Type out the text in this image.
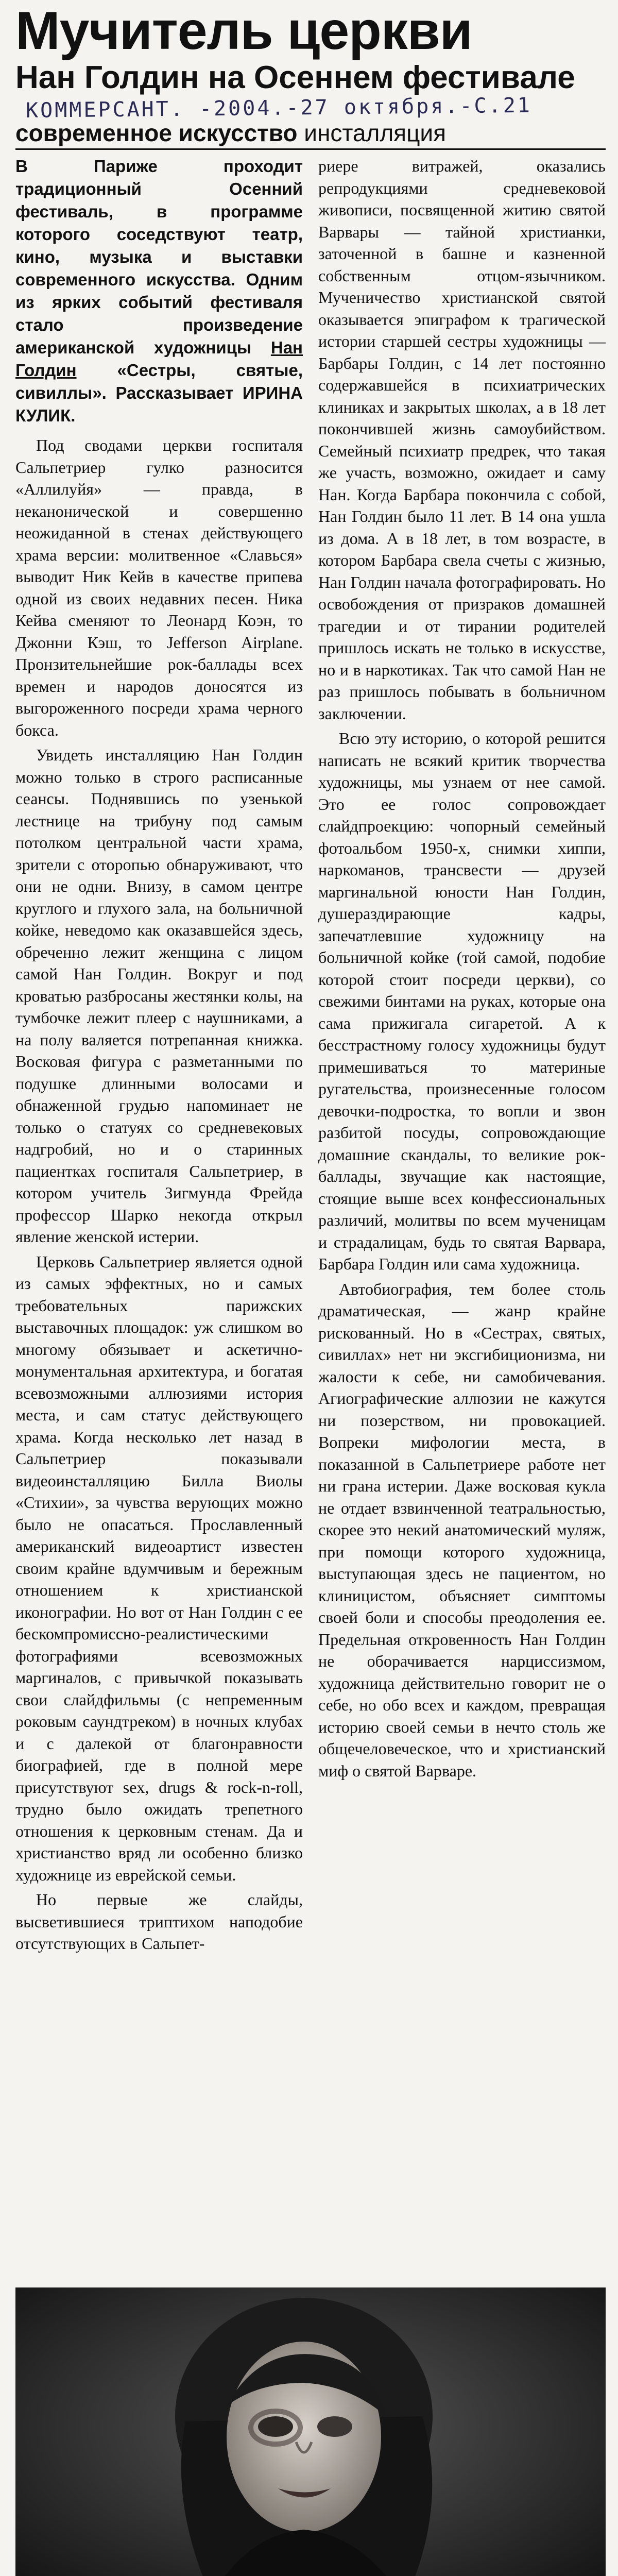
Мучитель церкви
Нан Голдин на Осеннем фестивале
КОММЕРСАНТ. -2004.-27 октября.-С.21
современное искусство инсталляция

В Париже проходит традиционный Осенний фестиваль, в программе которого соседствуют театр, кино, музыка и выставки современного искусства. Одним из ярких событий фестиваля стало произведение американской художницы Нан Голдин «Сестры, святые, сивиллы». Рассказывает ИРИНА КУЛИК.

Под сводами церкви госпиталя Сальпетриер гулко разносится «Аллилуйя» — правда, в неканонической и совершенно неожиданной в стенах действующего храма версии: молитвенное «Славься» выводит Ник Кейв в качестве припева одной из своих недавних песен. Ника Кейва сменяют то Леонард Коэн, то Джонни Кэш, то Jefferson Airplane. Пронзительнейшие рок-баллады всех времен и народов доносятся из выгороженного посреди храма черного бокса.

Увидеть инсталляцию Нан Голдин можно только в строго расписанные сеансы. Поднявшись по узенькой лестнице на трибуну под самым потолком центральной части храма, зрители с оторопью обнаруживают, что они не одни. Внизу, в самом центре круглого и глухого зала, на больничной койке, неведомо как оказавшейся здесь, обреченно лежит женщина с лицом самой Нан Голдин. Вокруг и под кроватью разбросаны жестянки колы, на тумбочке лежит плеер с наушниками, а на полу валяется потрепанная книжка. Восковая фигура с разметанными по подушке длинными волосами и обнаженной грудью напоминает не только о статуях со средневековых надгробий, но и о старинных пациентках госпиталя Сальпетриер, в котором учитель Зигмунда Фрейда профессор Шарко некогда открыл явление женской истерии.

Церковь Сальпетриер является одной из самых эффектных, но и самых требовательных парижских выставочных площадок: уж слишком во многому обязывает и аскетично-монументальная архитектура, и богатая всевозможными аллюзиями история места, и сам статус действующего храма. Когда несколько лет назад в Сальпетриер показывали видеоинсталляцию Билла Виолы «Стихии», за чувства верующих можно было не опасаться. Прославленный американский видеоартист известен своим крайне вдумчивым и бережным отношением к христианской иконографии. Но вот от Нан Голдин с ее бескомпромиссно-реалистическими фотографиями всевозможных маргиналов, с привычкой показывать свои слайдфильмы (с непременным роковым саундтреком) в ночных клубах и с далекой от благонравности биографией, где в полной мере присутствуют sex, drugs & rock-n-roll, трудно было ожидать трепетного отношения к церковным стенам. Да и христианство вряд ли особенно близко художнице из еврейской семьи.

Но первые же слайды, высветившиеся триптихом наподобие отсутствующих в Сальпет-

риере витражей, оказались репродукциями средневековой живописи, посвященной житию святой Варвары — тайной христианки, заточенной в башне и казненной собственным отцом-язычником. Мученичество христианской святой оказывается эпиграфом к трагической истории старшей сестры художницы — Барбары Голдин, с 14 лет постоянно содержавшейся в психиатрических клиниках и закрытых школах, а в 18 лет покончившей жизнь самоубийством. Семейный психиатр предрек, что такая же участь, возможно, ожидает и саму Нан. Когда Барбара покончила с собой, Нан Голдин было 11 лет. В 14 она ушла из дома. А в 18 лет, в том возрасте, в котором Барбара свела счеты с жизнью, Нан Голдин начала фотографировать. Но освобождения от призраков домашней трагедии и от тирании родителей пришлось искать не только в искусстве, но и в наркотиках. Так что самой Нан не раз пришлось побывать в больничном заключении.

Всю эту историю, о которой решится написать не всякий критик творчества художницы, мы узнаем от нее самой. Это ее голос сопровождает слайдпроекцию: чопорный семейный фотоальбом 1950-х, снимки хиппи, наркоманов, трансвести — друзей маргинальной юности Нан Голдин, душераздирающие кадры, запечатлевшие художницу на больничной койке (той самой, подобие которой стоит посреди церкви), со свежими бинтами на руках, которые она сама прижигала сигаретой. А к бесстрастному голосу художницы будут примешиваться то материные ругательства, произнесенные голосом девочки-подростка, то вопли и звон разбитой посуды, сопровождающие домашние скандалы, то великие рок-баллады, звучащие как настоящие, стоящие выше всех конфессиональных различий, молитвы по всем мученицам и страдалицам, будь то святая Варвара, Барбара Голдин или сама художница.

Автобиография, тем более столь драматическая, — жанр крайне рискованный. Но в «Сестрах, святых, сивиллах» нет ни эксгибиционизма, ни жалости к себе, ни самобичевания. Агиографические аллюзии не кажутся ни позерством, ни провокацией. Вопреки мифологии места, в показанной в Сальпетриере работе нет ни грана истерии. Даже восковая кукла не отдает взвинченной театральностью, скорее это некий анатомический муляж, при помощи которого художница, выступающая здесь не пациентом, но клиницистом, объясняет симптомы своей боли и способы преодоления ее. Предельная откровенность Нан Голдин не оборачивается нарциссизмом, художница действительно говорит не о себе, но обо всех и каждом, превращая историю своей семьи в нечто столь же общечеловеческое, что и христианский миф о святой Варваре.
